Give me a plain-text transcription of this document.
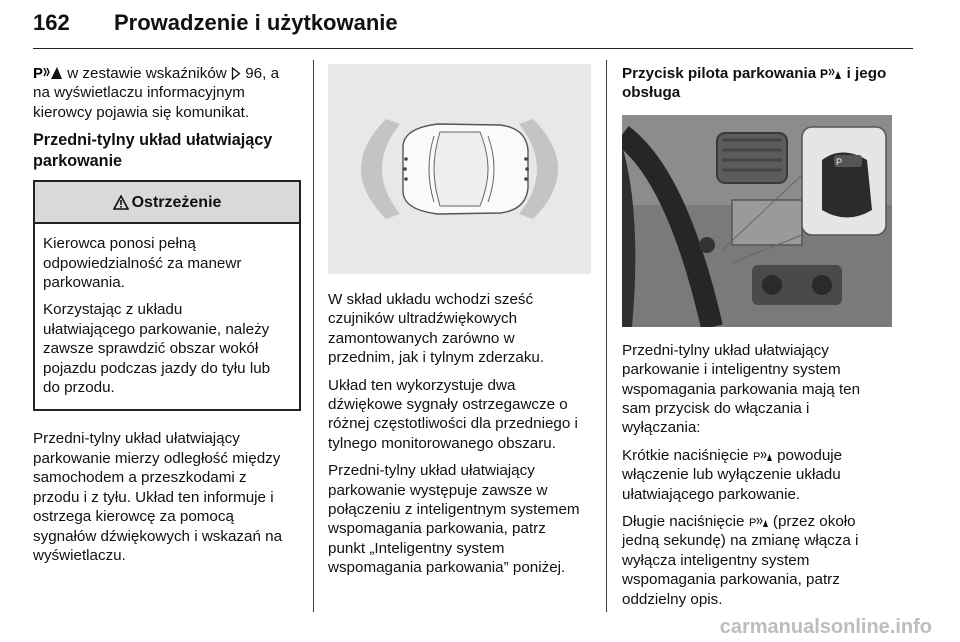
162 Prowadzenie i użytkowanie

P w zestawie wskaźników 96, a
na wyświetlaczu informacyjnym
kierowcy pojawia się komunikat.

Przedni-tylny układ ułatwiający
parkowanie
Ostrzeżenie

Kierowca ponosi pełną
odpowiedzialność za manewr
parkowania.

Korzystając z układu
ułatwiającego parkowanie, należy
zawsze sprawdzić obszar wokół
pojazdu podczas jazdy do tyłu lub
do przodu.

Przedni-tylny układ ułatwiający
parkowanie mierzy odległość między
samochodem a przeszkodami z
przodu i z tyłu. Układ ten informuje i
ostrzega kierowcę za pomocą
sygnałów dźwiękowych i wskazań na
wyświetlaczu.

W skład układu wchodzi sześć
czujników ultradźwiękowych
zamontowanych zarówno w
przednim, jak i tylnym zderzaku.

Układ ten wykorzystuje dwa
dźwiękowe sygnały ostrzegawcze o
różnej częstotliwości dla przedniego i
tylnego monitorowanego obszaru.

Przedni-tylny układ ułatwiający
parkowanie występuje zawsze w
połączeniu z inteligentnym systemem
wspomagania parkowania, patrz
punkt „Inteligentny system
wspomagania parkowania” poniżej.

Przycisk pilota parkowania P i jego
obsługa
P

Przedni-tylny układ ułatwiający
parkowanie i inteligentny system
wspomagania parkowania mają ten
sam przycisk do włączania i
wyłączania:

Krótkie naciśnięcie P powoduje
włączenie lub wyłączenie układu
ułatwiającego parkowanie.

Długie naciśnięcie P (przez około
jedną sekundę) na zmianę włącza i
wyłącza inteligentny system
wspomagania parkowania, patrz
oddzielny opis.

carmanualsonline.info
